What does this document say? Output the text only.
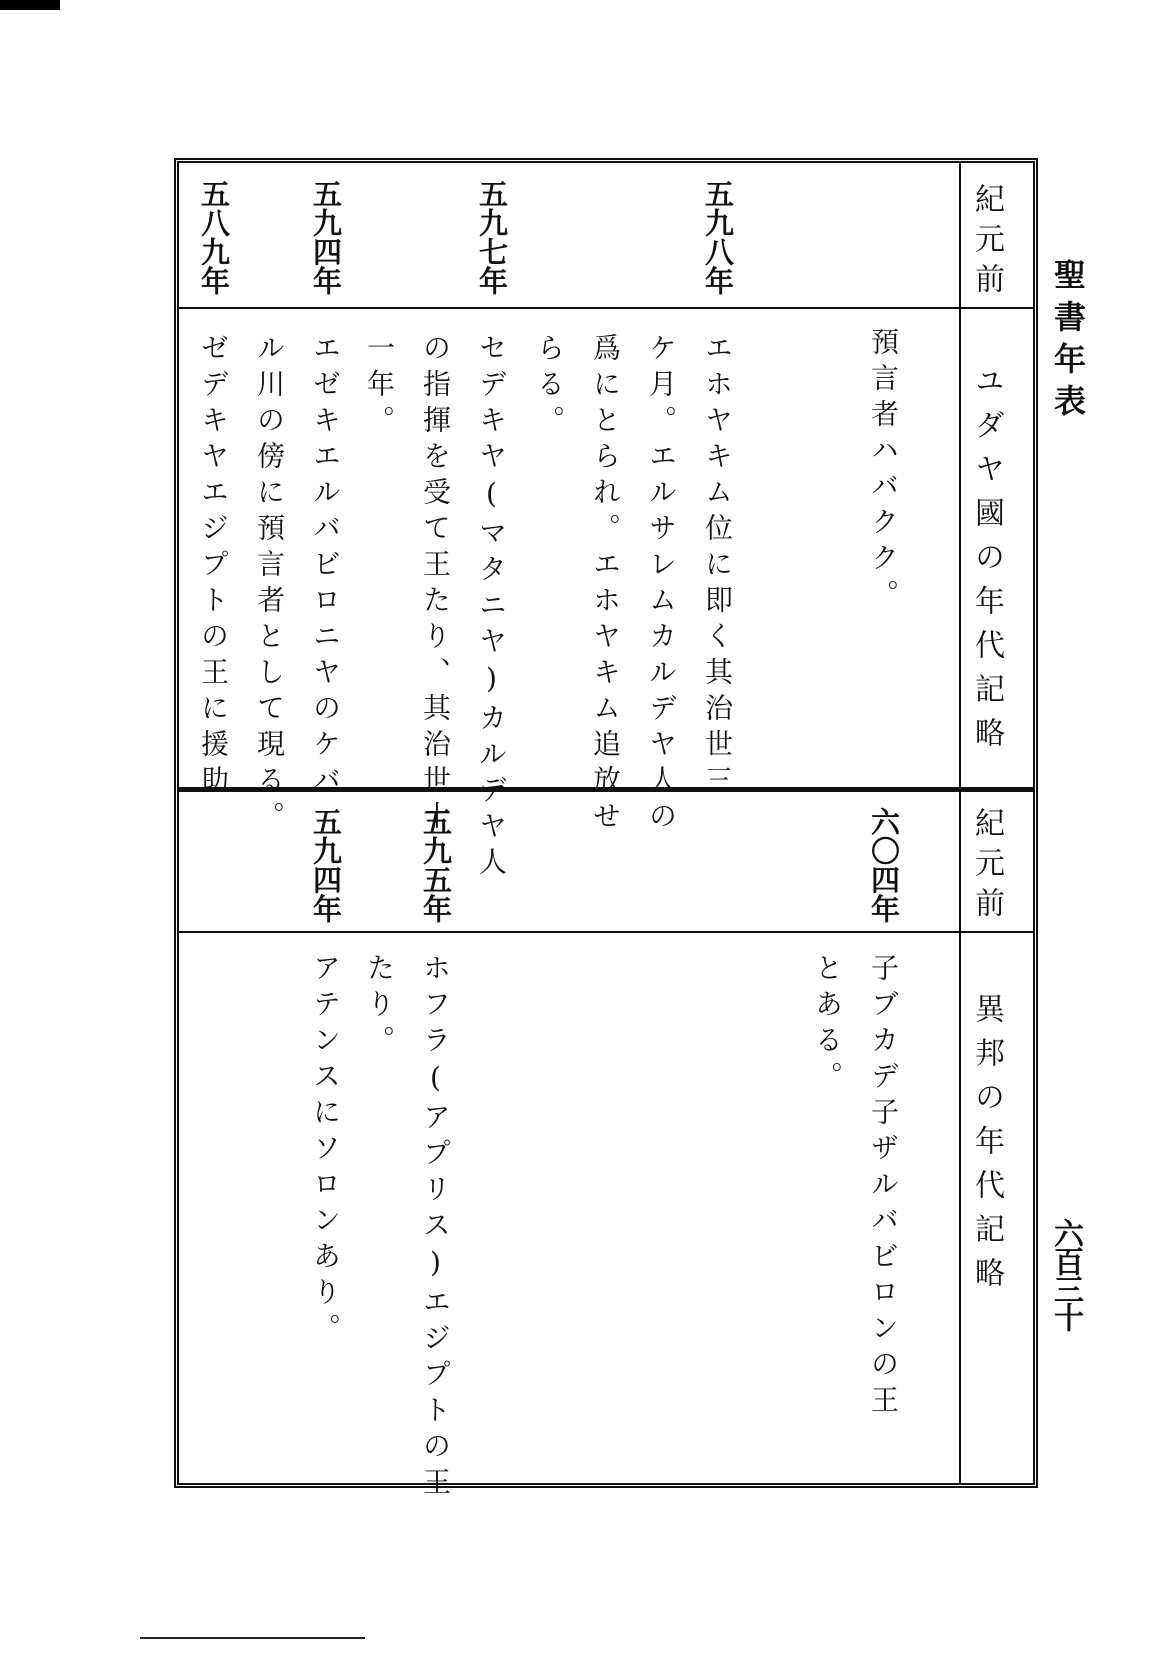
聖書年表
六百三十
紀元前
ユダヤ國の年代記略
五九八年
五九七年
五九四年
五八九年
預言者ハバクク。
エホヤキム位に即く其治世三
ケ月。エルサレムカルデヤ人の
爲にとられ。エホヤキム追放せ
らる。
セデキヤ(マタニヤ)カルデヤ人
の指揮を受て王たり、其治世十
一年。
エゼキエルバビロニヤのケバ
ル川の傍に預言者として現る。
ゼデキヤエジプトの王に援助
紀元前
異邦の年代記略
六〇四年
五九五年
五九四年
子ブカデ子ザルバビロンの王
とある。
ホフラ(アプリス)エジプトの王
たり。
アテンスにソロンあり。
